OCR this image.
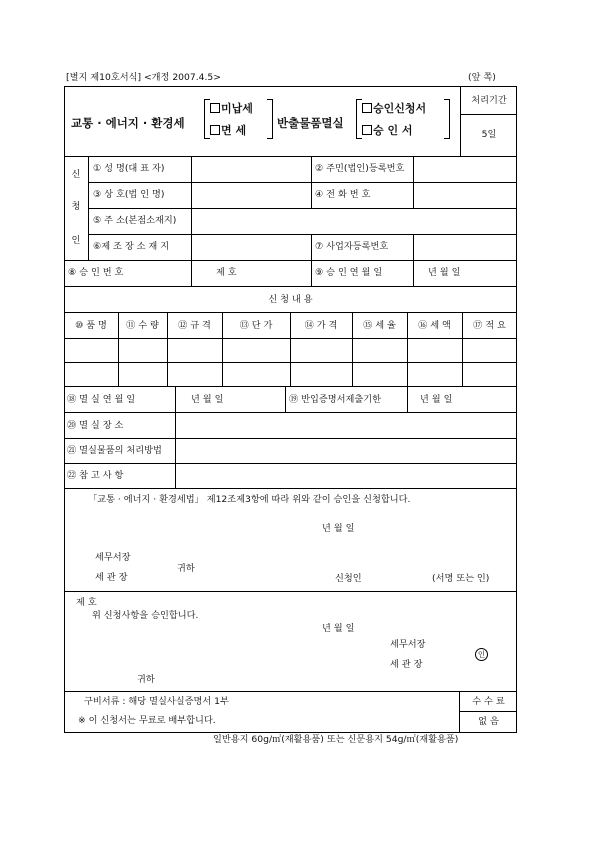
[별지 제10호서식] <개정 2007.4.5>	(앞 쪽)
교통 · 에너지 · 환경세
미납세
면 세
반출물품멸실
승인신청서
승 인 서
처리기간
5일
신
청
인
① 성 명(대 표 자)	② 주민(법인)등록번호
③ 상 호(법 인 명)	④ 전 화 번 호
⑤ 주 소(본점소재지)
⑥제 조 장 소 재 지	⑦ 사업자등록번호
⑧ 승 인 번 호	제 호	⑨ 승 인 연 월 일	년 월 일
신 청 내 용
⑩ 품 명	⑪ 수 량	⑫ 규 격	⑬ 단 가	⑭ 가 격	⑮ 세 율	⑯ 세 액	⑰ 적 요
⑱ 멸 실 연 월 일	년 월 일	⑲ 반입증명서제출기한	년 월 일
⑳ 멸 실 장 소
㉑ 멸실물품의 처리방법
㉒ 참 고 사 항
「교통 · 에너지 · 환경세법」 제12조제3항에 따라 위와 같이 승인을 신청합니다.
년 월 일
세무서장
귀하
세 관 장	신청인	(서명 또는 인)
제 호
위 신청사항을 승인합니다.
년 월 일
세무서장
인
세 관 장
귀하
구비서류 : 해당 멸실사실증명서 1부
※ 이 신청서는 무료로 배부합니다.
수 수 료
없 음
일반용지 60g/㎡(재활용품) 또는 신문용지 54g/㎡(재활용품)
